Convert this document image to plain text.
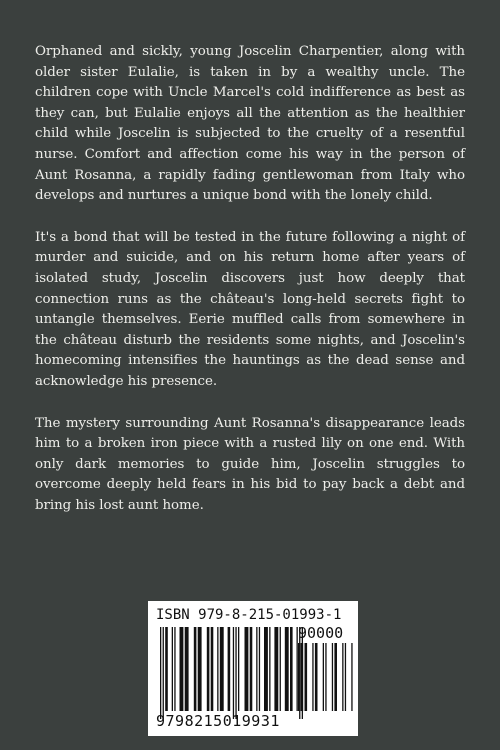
Orphaned and sickly, young Joscelin Charpentier, along with older sister Eulalie, is taken in by a wealthy uncle. The children cope with Uncle Marcel's cold indifference as best as they can, but Eulalie enjoys all the attention as the healthier child while Joscelin is subjected to the cruelty of a resentful nurse. Comfort and affection come his way in the person of Aunt Rosanna, a rapidly fading gentlewoman from Italy who develops and nurtures a unique bond with the lonely child.

It's a bond that will be tested in the future following a night of murder and suicide, and on his return home after years of isolated study, Joscelin discovers just how deeply that connection runs as the château's long-held secrets fight to untangle themselves. Eerie muffled calls from somewhere in the château disturb the residents some nights, and Joscelin's homecoming intensifies the hauntings as the dead sense and acknowledge his presence.

The mystery surrounding Aunt Rosanna's disappearance leads him to a broken iron piece with a rusted lily on one end. With only dark memories to guide him, Joscelin struggles to overcome deeply held fears in his bid to pay back a debt and bring his lost aunt home.

ISBN 979-8-215-01993-1
90000
9798215019931
